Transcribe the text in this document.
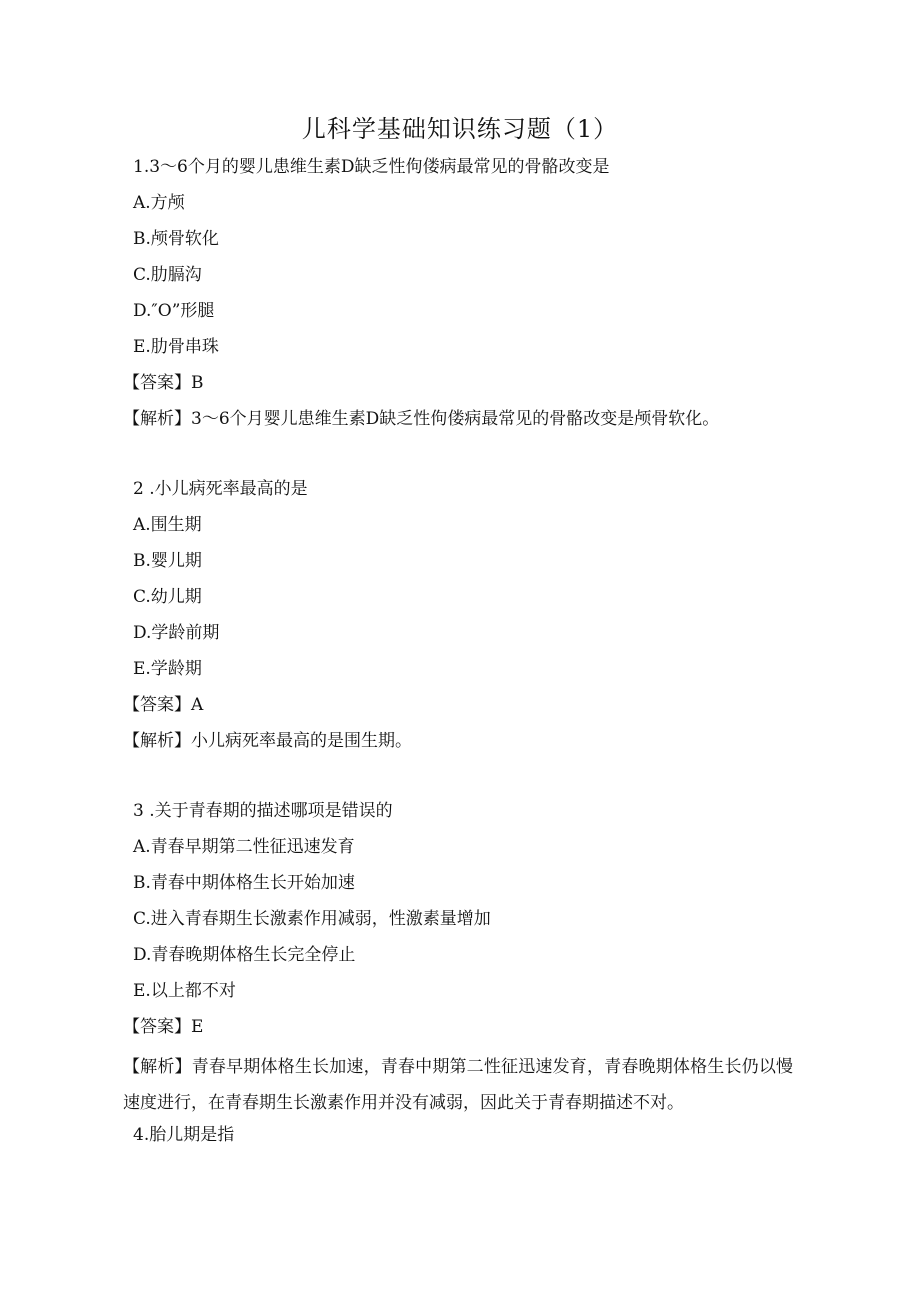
儿科学基础知识练习题（1）
1.3～6个月的婴儿患维生素D缺乏性佝偻病最常见的骨骼改变是
A.方颅
B.颅骨软化
C.肋膈沟
D.″O”形腿
E.肋骨串珠
【答案】B
【解析】3～6个月婴儿患维生素D缺乏性佝偻病最常见的骨骼改变是颅骨软化。
2 .小儿病死率最高的是
A.围生期
B.婴儿期
C.幼儿期
D.学龄前期
E.学龄期
【答案】A
【解析】小儿病死率最高的是围生期。
3 .关于青春期的描述哪项是错误的
A.青春早期第二性征迅速发育
B.青春中期体格生长开始加速
C.进入青春期生长激素作用减弱，性激素量增加
D.青春晚期体格生长完全停止
E.以上都不对
【答案】E
【解析】青春早期体格生长加速，青春中期第二性征迅速发育，青春晚期体格生长仍以慢速度进行，在青春期生长激素作用并没有减弱，因此关于青春期描述不对。
4.胎儿期是指
